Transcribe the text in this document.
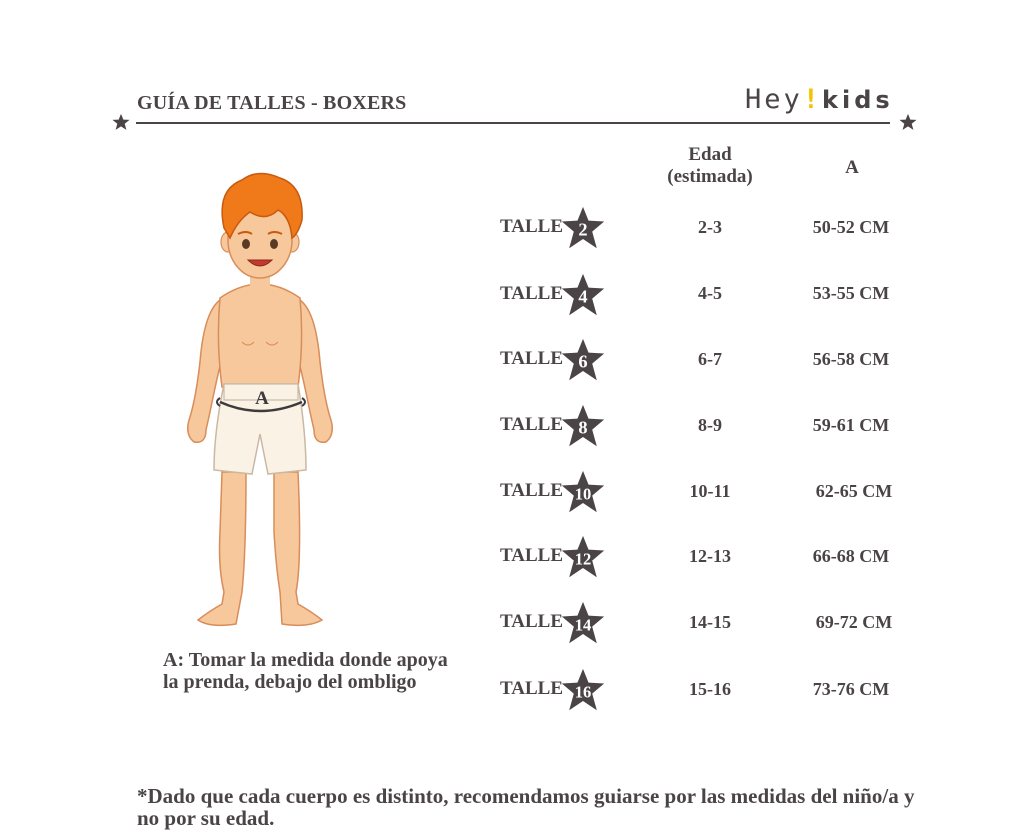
GUÍA DE TALLES - BOXERS	Hey!kids
A
Edad
(estimada)	A
TALLE 2	2-3	50-52 CM
TALLE 4	4-5	53-55 CM
TALLE 6	6-7	56-58 CM
TALLE 8	8-9	59-61 CM
TALLE 10	10-11	62-65 CM
TALLE 12	12-13	66-68 CM
TALLE 14	14-15	69-72 CM
TALLE 16	15-16	73-76 CM
A: Tomar la medida donde apoya la prenda, debajo del ombligo
*Dado que cada cuerpo es distinto, recomendamos guiarse por las medidas del niño/a y no por su edad.
